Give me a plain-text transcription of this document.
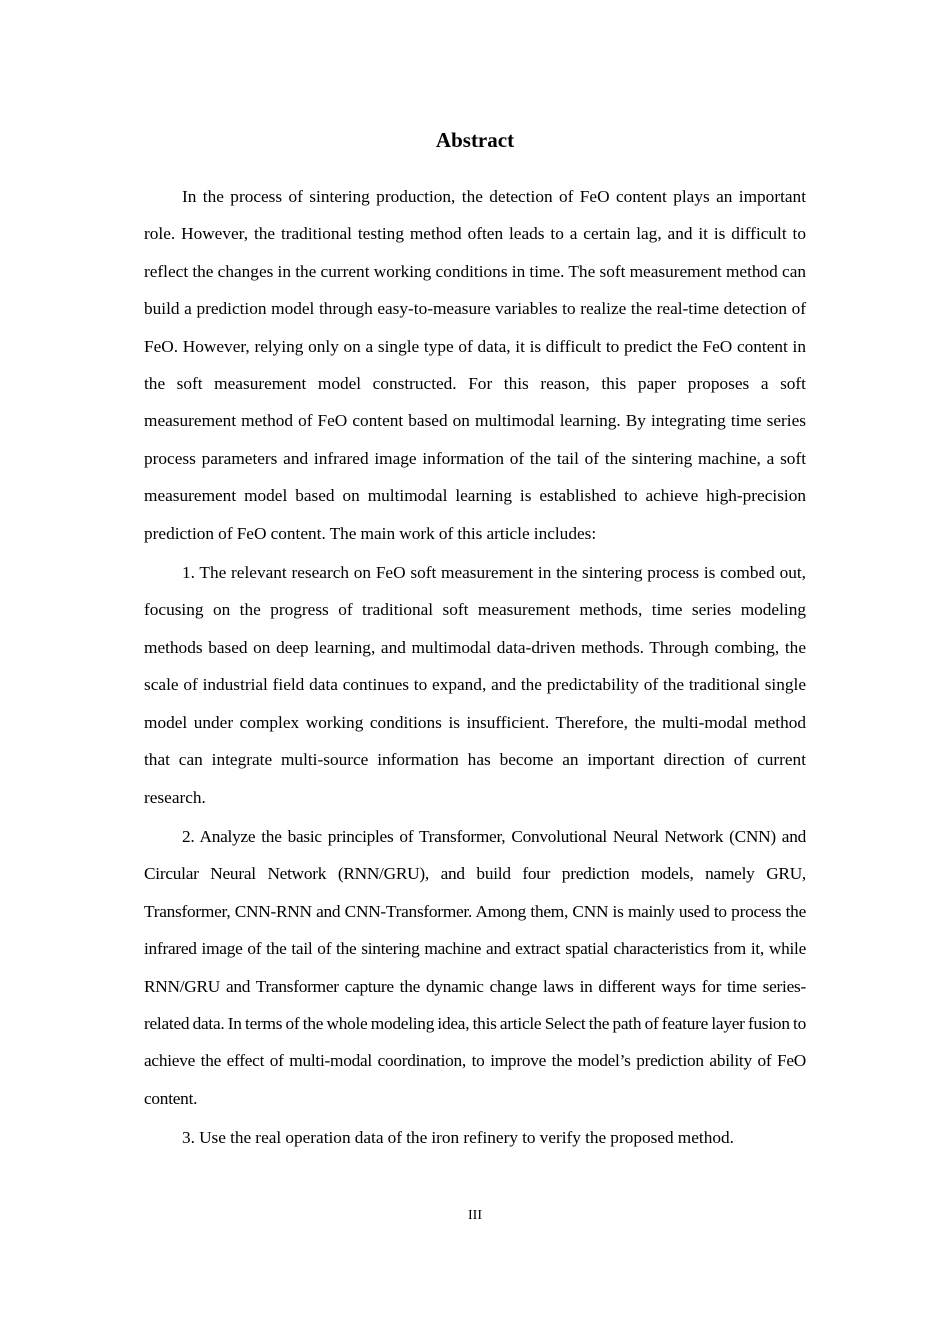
Abstract

In the process of sintering production, the detection of FeO content plays an important role. However, the traditional testing method often leads to a certain lag, and it is difficult to reflect the changes in the current working conditions in time. The soft measurement method can build a prediction model through easy-to-measure variables to realize the real-time detection of FeO. However, relying only on a single type of data, it is difficult to predict the FeO content in the soft measurement model constructed. For this reason, this paper proposes a soft measurement method of FeO content based on multimodal learning. By integrating time series process parameters and infrared image information of the tail of the sintering machine, a soft measurement model based on multimodal learning is established to achieve high-precision prediction of FeO content. The main work of this article includes:

1. The relevant research on FeO soft measurement in the sintering process is combed out, focusing on the progress of traditional soft measurement methods, time series modeling methods based on deep learning, and multimodal data-driven methods. Through combing, the scale of industrial field data continues to expand, and the predictability of the traditional single model under complex working conditions is insufficient. Therefore, the multi-modal method that can integrate multi-source information has become an important direction of current research.

2. Analyze the basic principles of Transformer, Convolutional Neural Network (CNN) and Circular Neural Network (RNN/GRU), and build four prediction models, namely GRU, Transformer, CNN-RNN and CNN-Transformer. Among them, CNN is mainly used to process the infrared image of the tail of the sintering machine and extract spatial characteristics from it, while RNN/GRU and Transformer capture the dynamic change laws in different ways for time series-related data. In terms of the whole modeling idea, this article Select the path of feature layer fusion to achieve the effect of multi-modal coordination, to improve the model’s prediction ability of FeO content.

3. Use the real operation data of the iron refinery to verify the proposed method.

III
